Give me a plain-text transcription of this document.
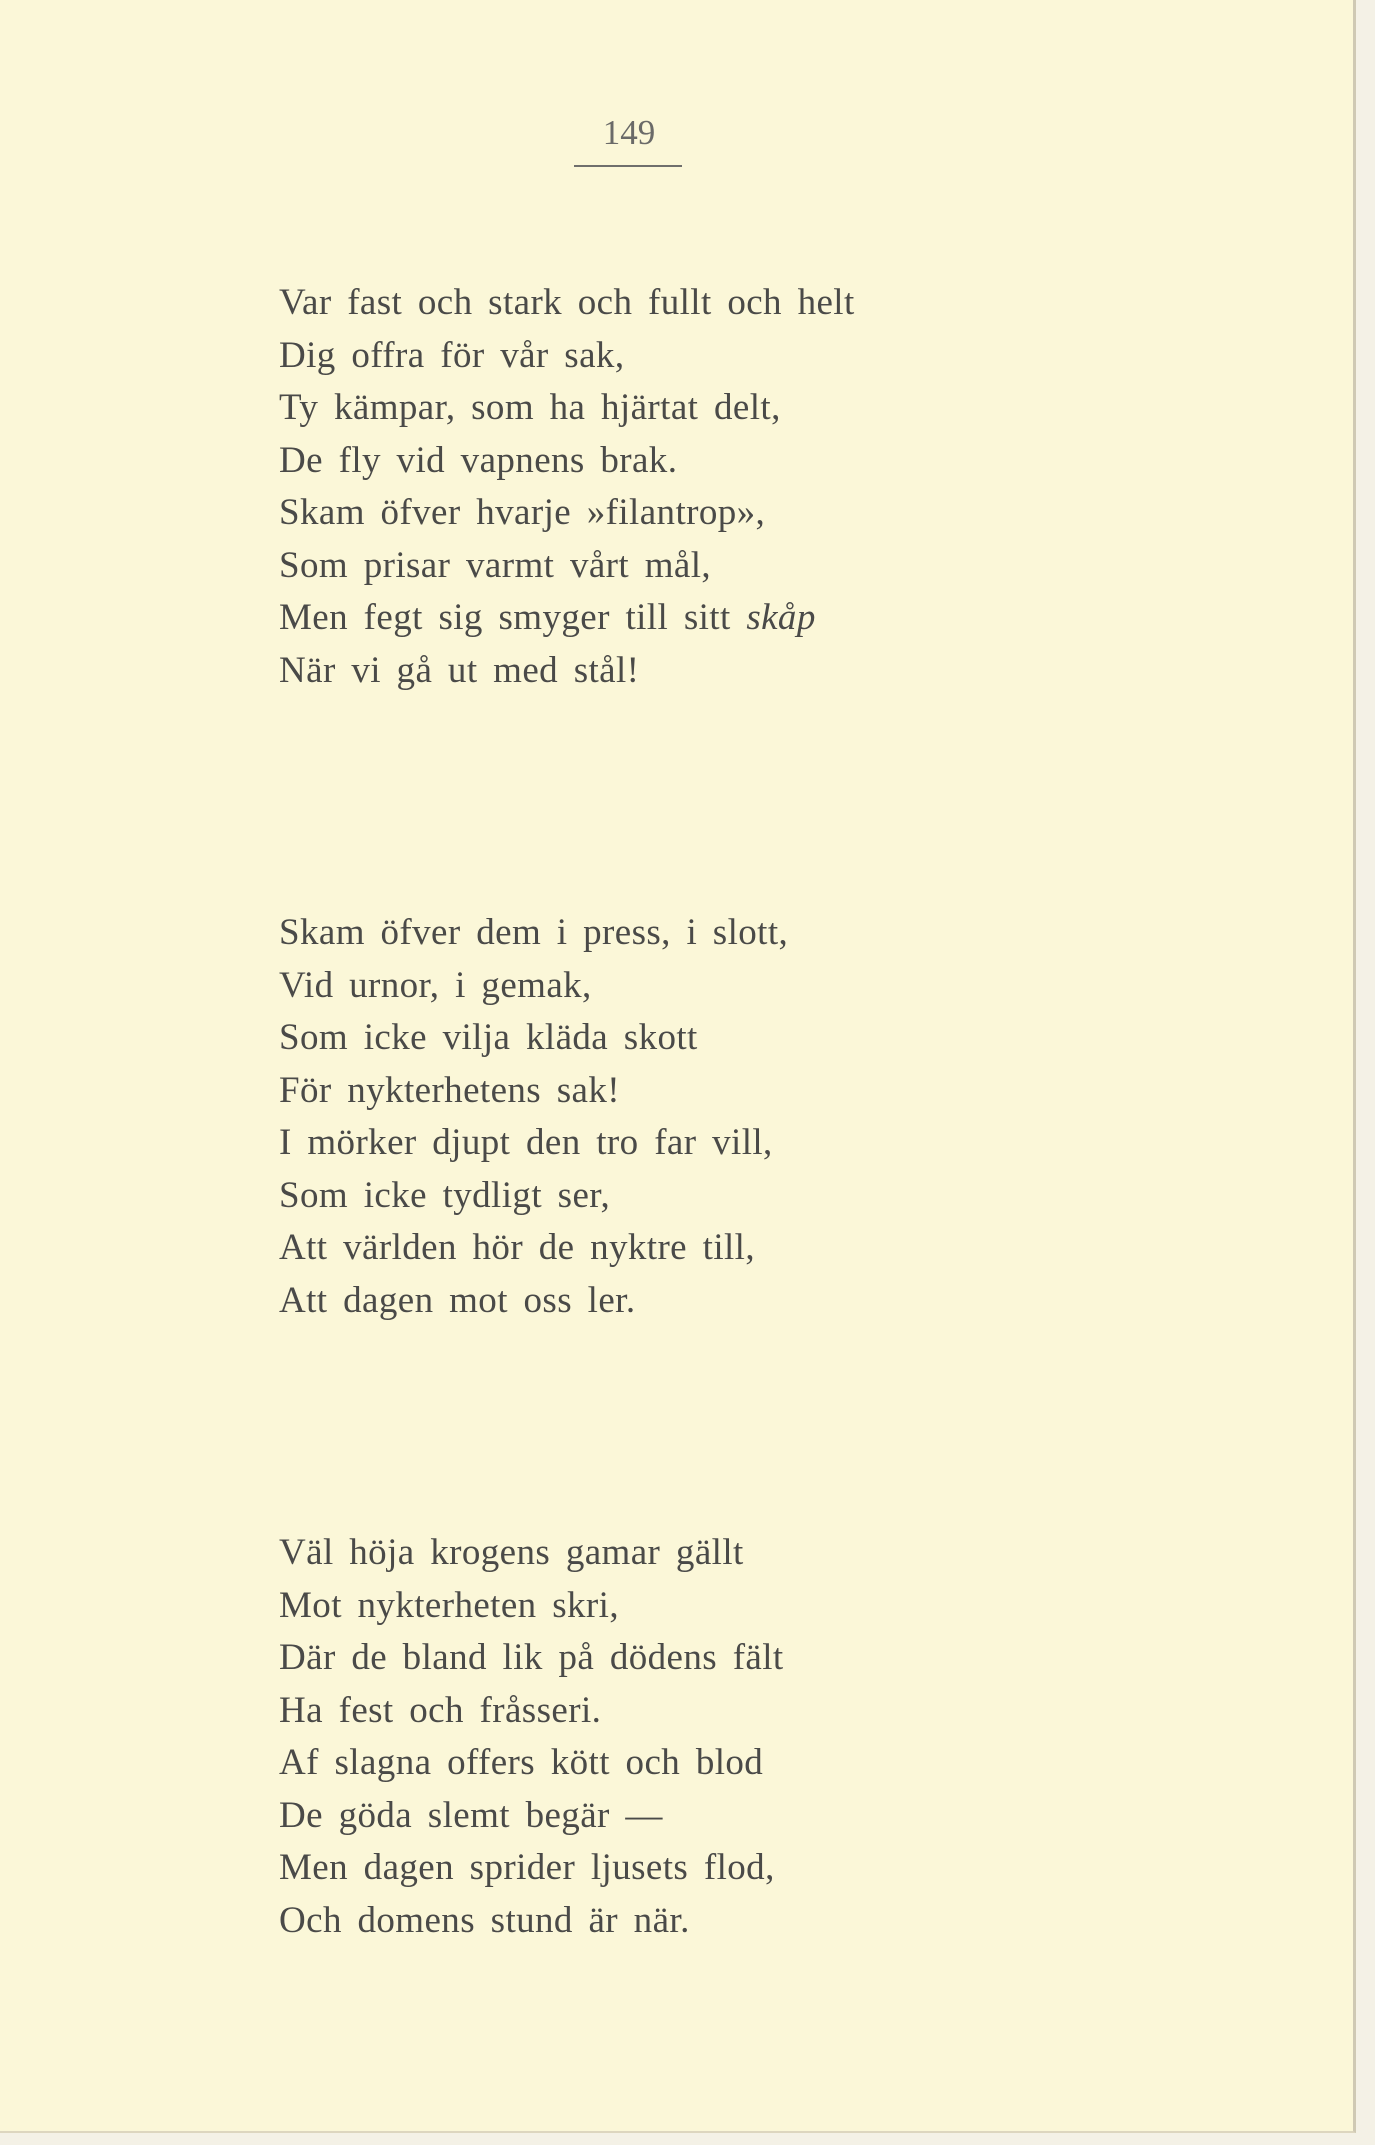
149
Var fast och stark och fullt och helt
Dig offra för vår sak,
Ty kämpar, som ha hjärtat delt,
De fly vid vapnens brak.
Skam öfver hvarje »filantrop»,
Som prisar varmt vårt mål,
Men fegt sig smyger till sitt skåp
När vi gå ut med stål!
Skam öfver dem i press, i slott,
Vid urnor, i gemak,
Som icke vilja kläda skott
För nykterhetens sak!
I mörker djupt den tro far vill,
Som icke tydligt ser,
Att världen hör de nyktre till,
Att dagen mot oss ler.
Väl höja krogens gamar gällt
Mot nykterheten skri,
Där de bland lik på dödens fält
Ha fest och fråsseri.
Af slagna offers kött och blod
De göda slemt begär —
Men dagen sprider ljusets flod,
Och domens stund är när.
